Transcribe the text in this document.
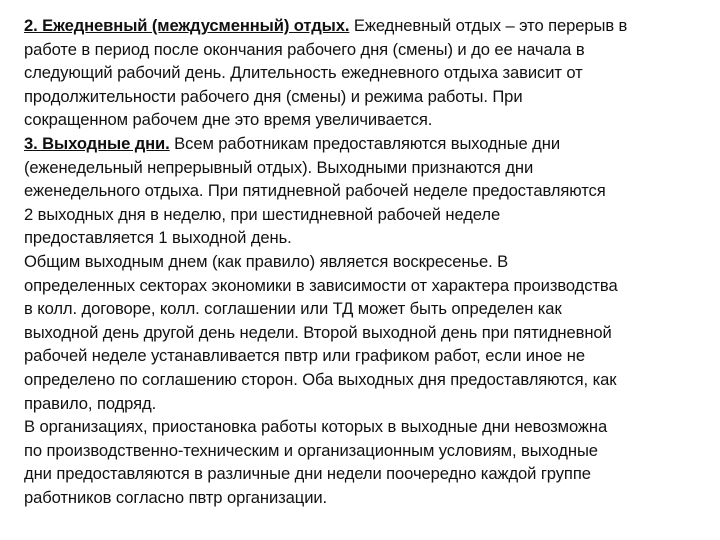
2. Ежедневный (междусменный) отдых. Ежедневный отдых – это перерыв в
работе в период после окончания рабочего дня (смены) и до ее начала в
следующий рабочий день. Длительность ежедневного отдыха зависит от
продолжительности рабочего дня (смены) и режима работы. При
сокращенном рабочем дне это время увеличивается.
3. Выходные дни. Всем работникам предоставляются выходные дни
(еженедельный непрерывный отдых). Выходными признаются дни
еженедельного отдыха. При пятидневной рабочей неделе предоставляются
2 выходных дня в неделю, при шестидневной рабочей неделе
предоставляется 1 выходной день.
Общим выходным днем (как правило) является воскресенье. В
определенных секторах экономики в зависимости от характера производства
в колл. договоре, колл. соглашении или ТД может быть определен как
выходной день другой день недели. Второй выходной день при пятидневной
рабочей неделе устанавливается пвтр или графиком работ, если иное не
определено по соглашению сторон. Оба выходных дня предоставляются, как
правило, подряд.
В организациях, приостановка работы которых в выходные дни невозможна
по производственно-техническим и организационным условиям, выходные
дни предоставляются в различные дни недели поочередно каждой группе
работников согласно пвтр организации.
